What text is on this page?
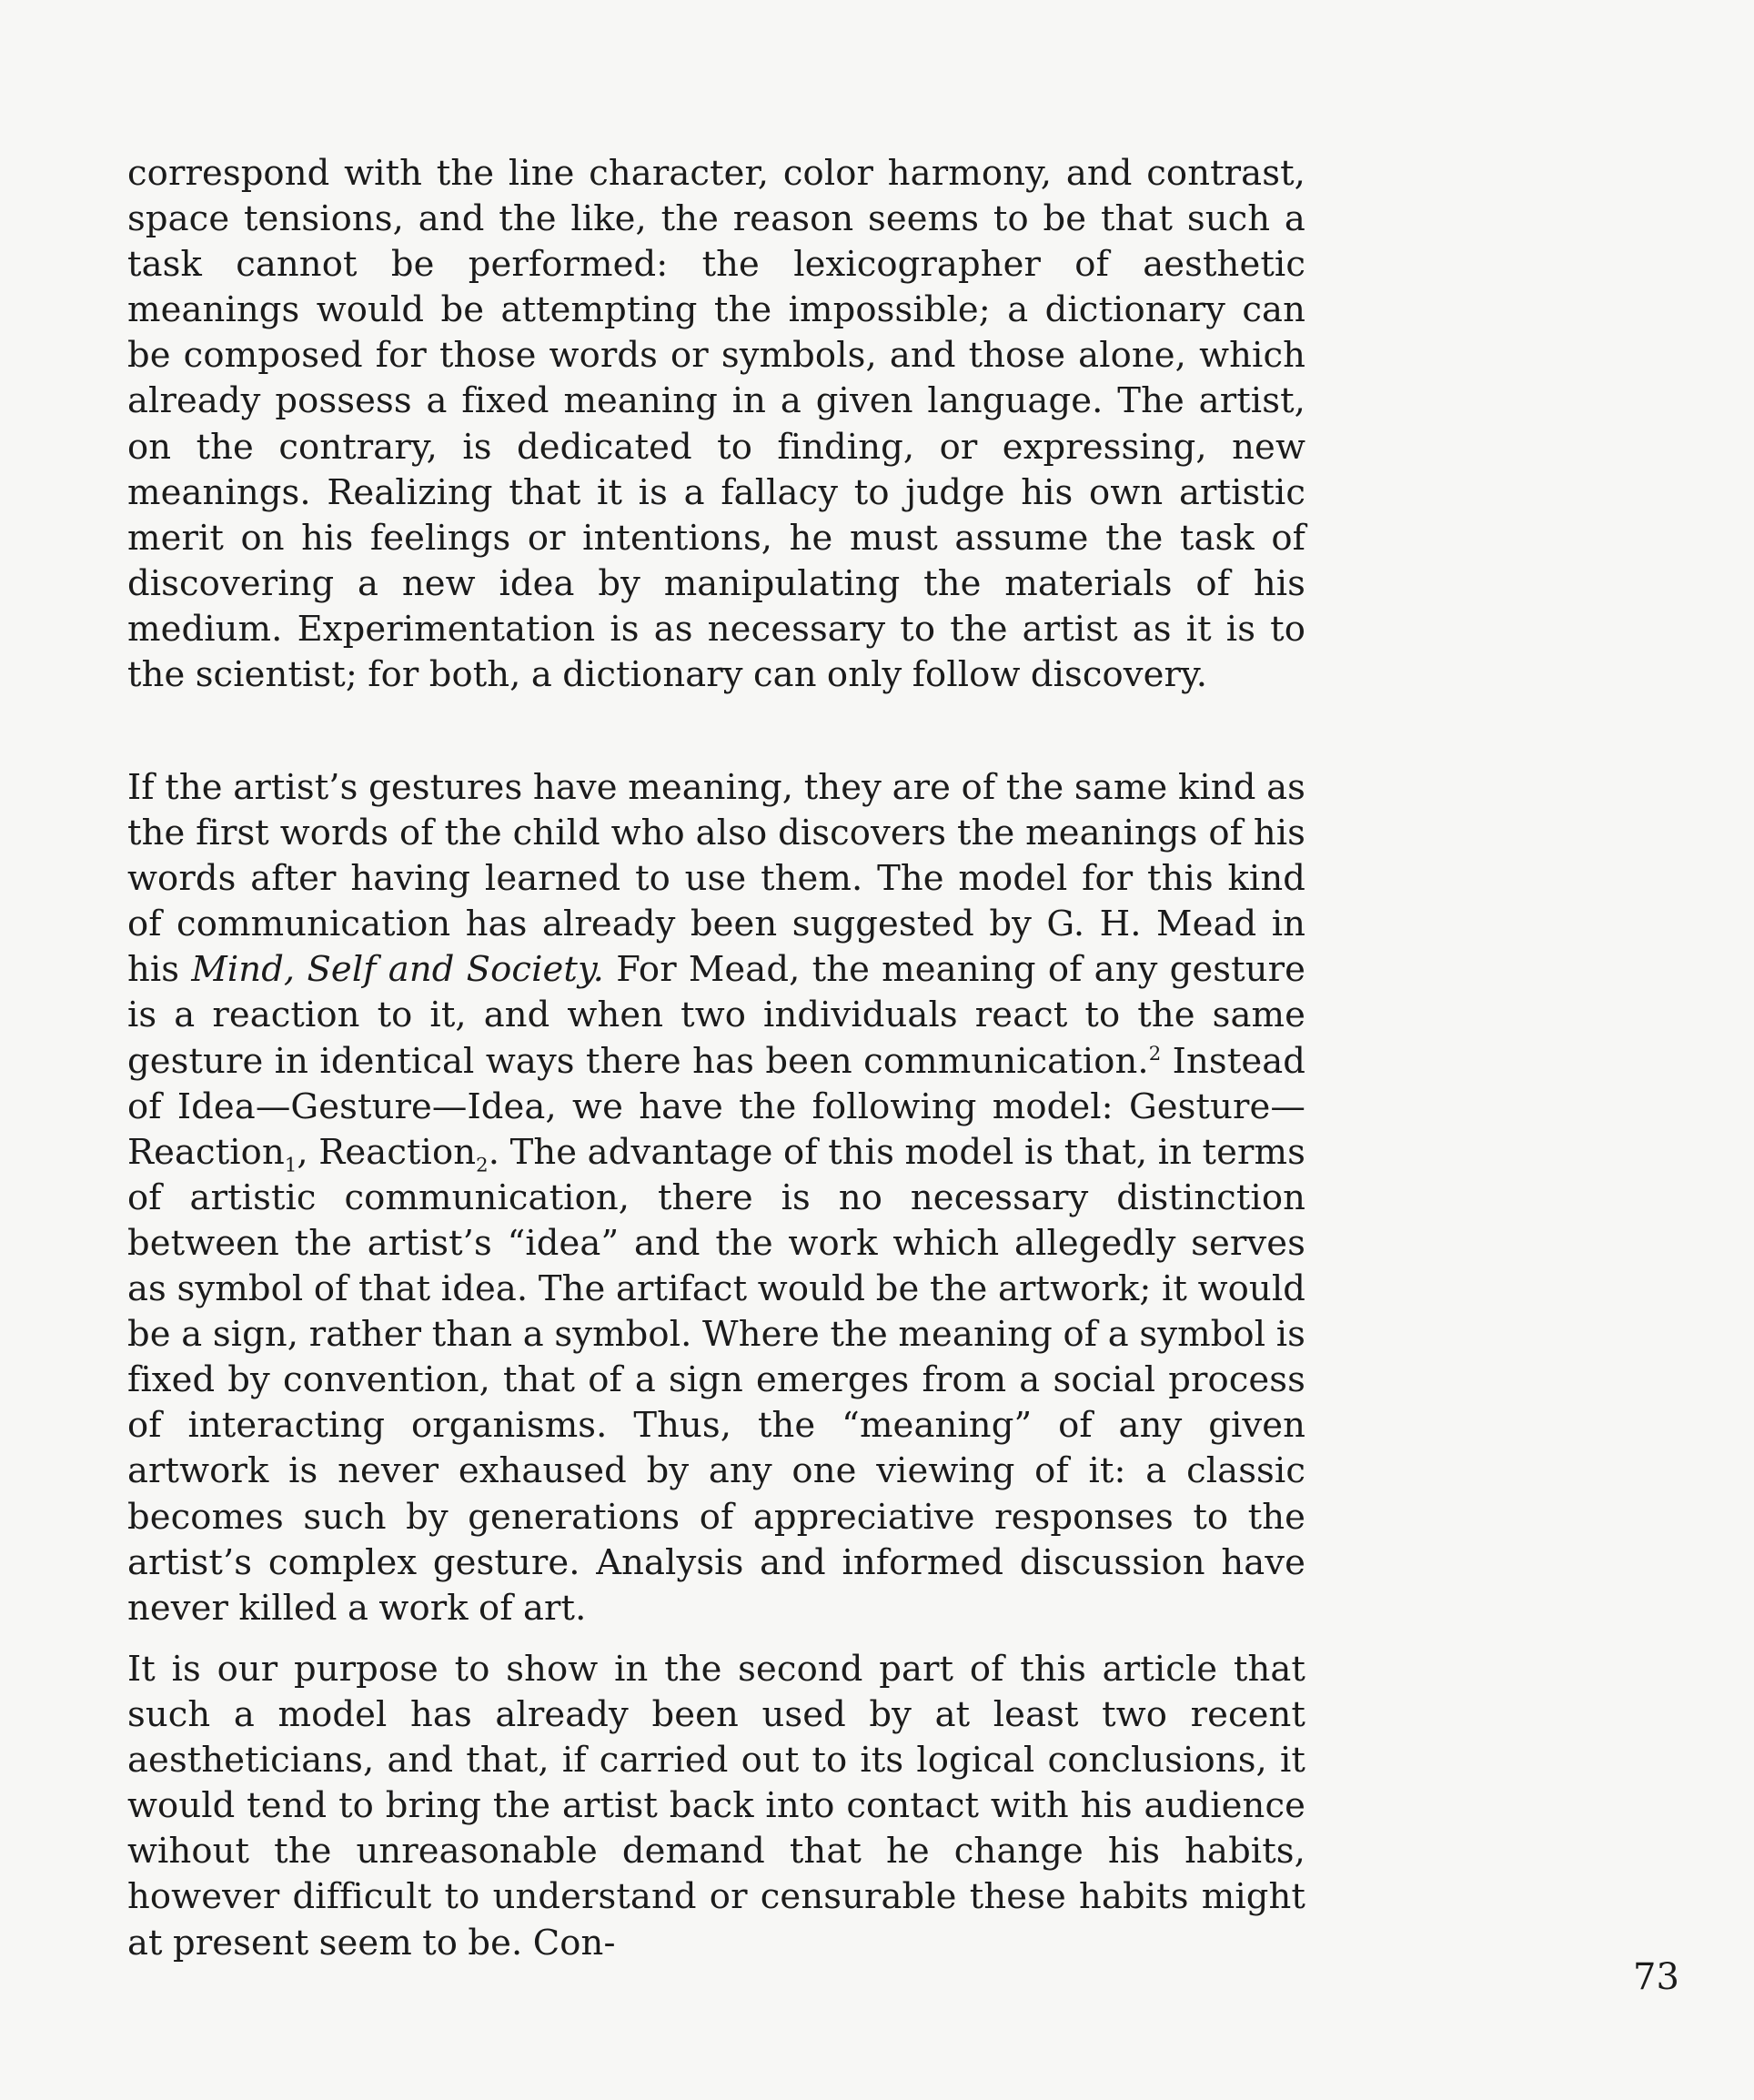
correspond with the line character, color harmony, and contrast, space tensions, and the like, the reason seems to be that such a task cannot be performed: the lexicographer of aesthetic meanings would be attempting the impossible; a dictionary can be composed for those words or symbols, and those alone, which already possess a fixed meaning in a given language. The artist, on the contrary, is dedicated to finding, or expressing, new meanings. Realizing that it is a fallacy to judge his own artistic merit on his feelings or intentions, he must assume the task of discovering a new idea by manipulating the materials of his medium. Experimentation is as necessary to the artist as it is to the scientist; for both, a dictionary can only follow discovery.

If the artist’s gestures have meaning, they are of the same kind as the first words of the child who also discovers the meanings of his words after having learned to use them. The model for this kind of communication has already been suggested by G. H. Mead in his Mind, Self and Society. For Mead, the meaning of any gesture is a reaction to it, and when two individuals react to the same gesture in identical ways there has been communication.$^2$ Instead of Idea—Gesture—Idea, we have the following model: Gesture—Reaction$_1$, Reaction$_2$. The advantage of this model is that, in terms of artistic communication, there is no necessary distinction between the artist’s “idea” and the work which allegedly serves as symbol of that idea. The artifact would be the artwork; it would be a sign, rather than a symbol. Where the meaning of a symbol is fixed by convention, that of a sign emerges from a social process of interacting organisms. Thus, the “meaning” of any given artwork is never exhaused by any one viewing of it: a classic becomes such by generations of appreciative responses to the artist’s complex gesture. Analysis and informed discussion have never killed a work of art.

It is our purpose to show in the second part of this article that such a model has already been used by at least two recent aestheticians, and that, if carried out to its logical conclusions, it would tend to bring the artist back into contact with his audience wihout the unreasonable demand that he change his habits, however difficult to understand or censurable these habits might at present seem to be. Con-

73
